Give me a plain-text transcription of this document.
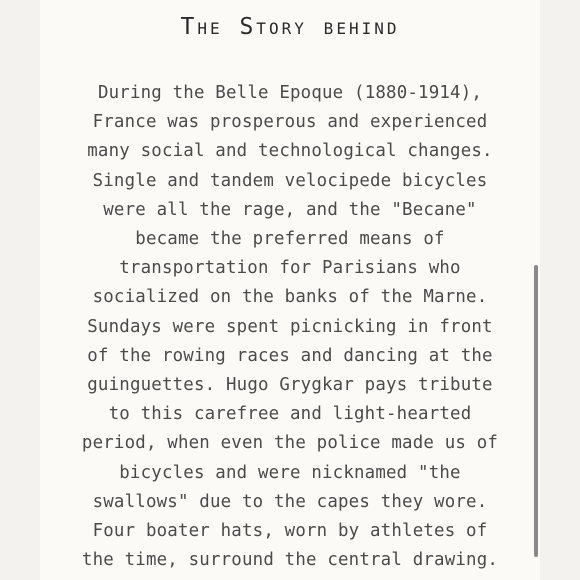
The Story behind
During the Belle Epoque (1880-1914),
France was prosperous and experienced
many social and technological changes.
Single and tandem velocipede bicycles
were all the rage, and the "Becane"
became the preferred means of
transportation for Parisians who
socialized on the banks of the Marne.
Sundays were spent picnicking in front
of the rowing races and dancing at the
guinguettes. Hugo Grygkar pays tribute
to this carefree and light-hearted
period, when even the police made us of
bicycles and were nicknamed "the
swallows" due to the capes they wore.
Four boater hats, worn by athletes of
the time, surround the central drawing.
